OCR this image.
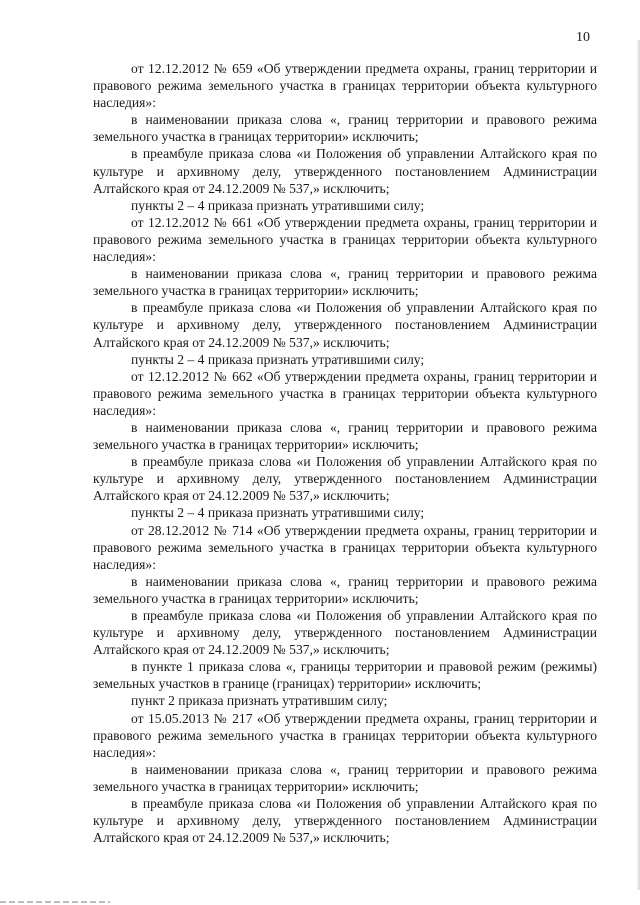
10

от 12.12.2012 № 659 «Об утверждении предмета охраны, границ территории и правового режима земельного участка в границах территории объекта культурного наследия»:

в наименовании приказа слова «, границ территории и правового режима земельного участка в границах территории» исключить;

в преамбуле приказа слова «и Положения об управлении Алтайского края по культуре и архивному делу, утвержденного постановлением Администрации Алтайского края от 24.12.2009 № 537,» исключить;

пункты 2 – 4 приказа признать утратившими силу;

от 12.12.2012 № 661 «Об утверждении предмета охраны, границ территории и правового режима земельного участка в границах территории объекта культурного наследия»:

в наименовании приказа слова «, границ территории и правового режима земельного участка в границах территории» исключить;

в преамбуле приказа слова «и Положения об управлении Алтайского края по культуре и архивному делу, утвержденного постановлением Администрации Алтайского края от 24.12.2009 № 537,» исключить;

пункты 2 – 4 приказа признать утратившими силу;

от 12.12.2012 № 662 «Об утверждении предмета охраны, границ территории и правового режима земельного участка в границах территории объекта культурного наследия»:

в наименовании приказа слова «, границ территории и правового режима земельного участка в границах территории» исключить;

в преамбуле приказа слова «и Положения об управлении Алтайского края по культуре и архивному делу, утвержденного постановлением Администрации Алтайского края от 24.12.2009 № 537,» исключить;

пункты 2 – 4 приказа признать утратившими силу;

от 28.12.2012 № 714 «Об утверждении предмета охраны, границ территории и правового режима земельного участка в границах территории объекта культурного наследия»:

в наименовании приказа слова «, границ территории и правового режима земельного участка в границах территории» исключить;

в преамбуле приказа слова «и Положения об управлении Алтайского края по культуре и архивному делу, утвержденного постановлением Администрации Алтайского края от 24.12.2009 № 537,» исключить;

в пункте 1 приказа слова «, границы территории и правовой режим (режимы) земельных участков в границе (границах) территории» исключить;

пункт 2 приказа признать утратившим силу;

от 15.05.2013 № 217 «Об утверждении предмета охраны, границ территории и правового режима земельного участка в границах территории объекта культурного наследия»:

в наименовании приказа слова «, границ территории и правового режима земельного участка в границах территории» исключить;

в преамбуле приказа слова «и Положения об управлении Алтайского края по культуре и архивному делу, утвержденного постановлением Администрации Алтайского края от 24.12.2009 № 537,» исключить;
